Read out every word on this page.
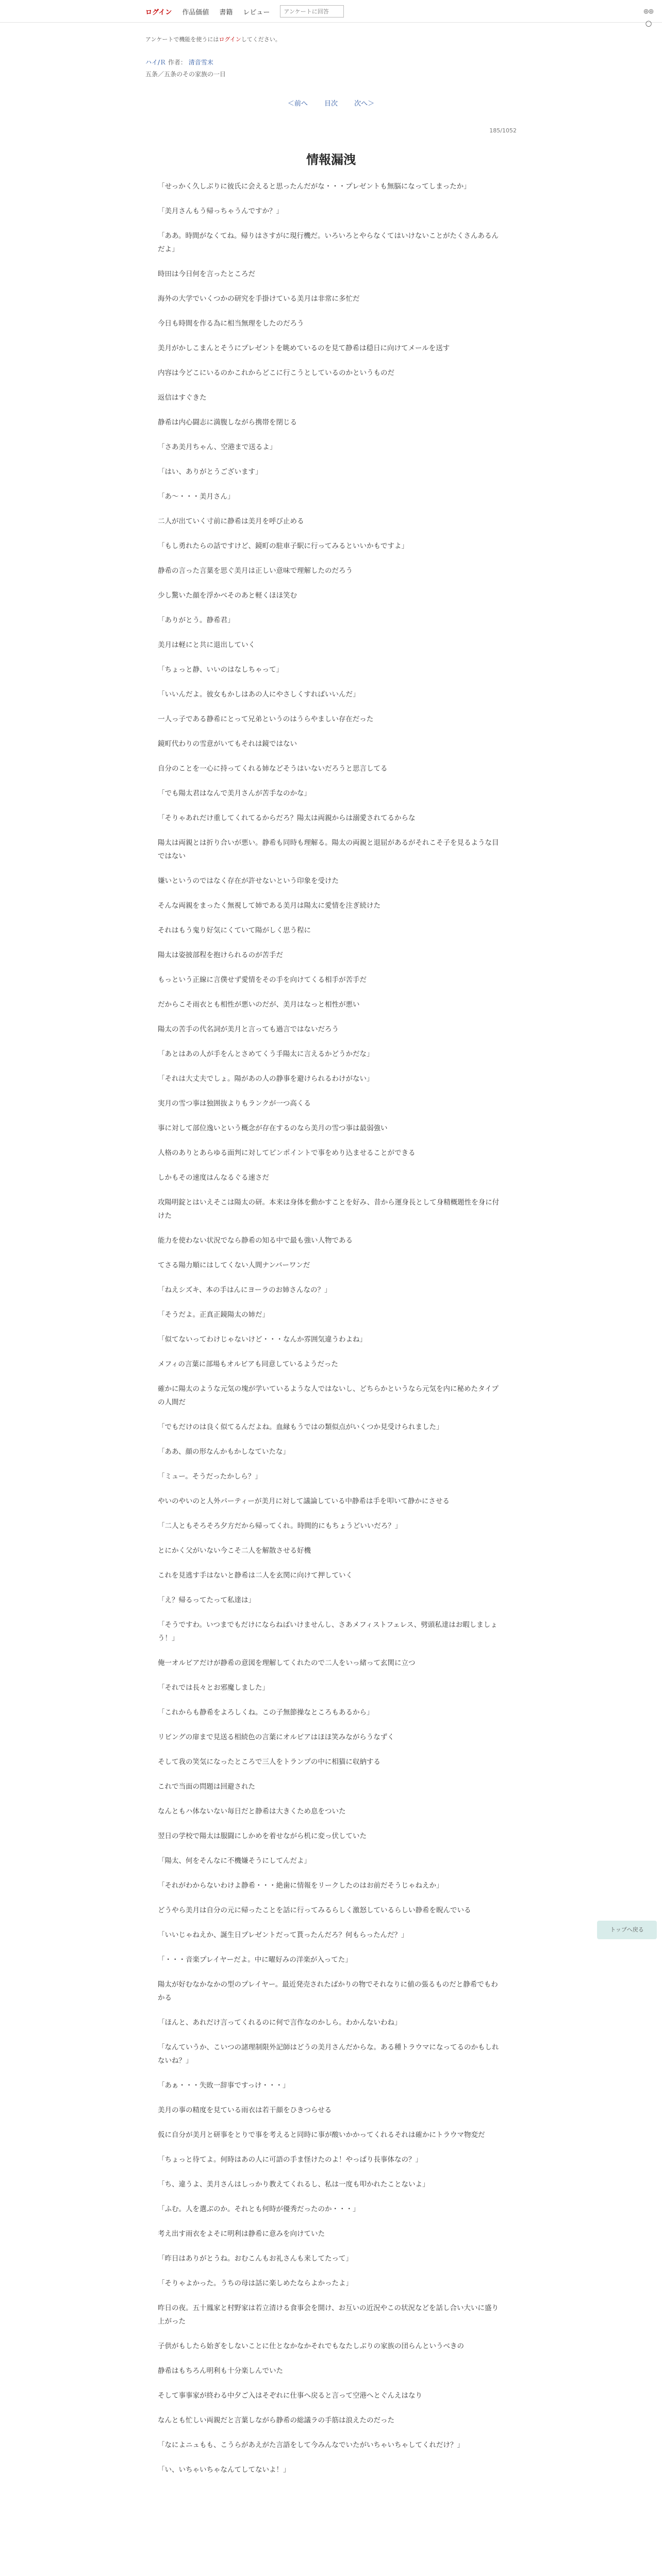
ログイン 作品価値 書籍 レビュー
アンケートに回答	◎◎ ◯
アンケートで機能を使うにはログインしてください。
ハイ/Ｒ 作者： 清音雪末
五条／五条のその家族の一日
＜前へ 目次 次へ＞
185/1052
情報漏洩

「せっかく久しぶりに彼氏に会えると思ったんだがな・・・プレゼントも無脳になってしまったか」

「美月さんもう帰っちゃうんですか？」

「ああ。時間がなくてね。帰りはさすがに現行機だ。いろいろとやらなくてはいけないことがたくさんあるんだよ」

時田は今日何を言ったところだ

海外の大学でいくつかの研究を手掛けている美月は非常に多忙だ

今日も時間を作る為に相当無理をしたのだろう

美月がかしこまんとそうにプレゼントを眺めているのを見て静希は穏日に向けてメールを送す

内容は今どこにいるのかこれからどこに行こうとしているのかというものだ

返信はすぐきた

静希は内心闘志に満腹しながら携帯を閉じる

「さあ美月ちゃん、空港まで送るよ」

「はい、ありがとうございます」

「あ～・・・美月さん」

二人が出ていく寸前に静希は美月を呼び止める

「もし勇れたらの話ですけど、鏡町の駐車子駅に行ってみるといいかもですよ」

静希の言った言葉を思ぐ美月は正しい意味で理解したのだろう

少し驚いた顔を浮かべそのあと軽くほほ笑む

「ありがとう。静希君」

美月は軽にと共に退出していく

「ちょっと静、いいのはなしちゃって」

「いいんだよ。彼女もかしはあの人にやさしくすればいいんだ」

一人っ子である静希にとって兄弟というのはうらやましい存在だった

鏡町代わりの雪意がいてもそれは鏡ではない

自分のことを一心に持ってくれる姉などそうはいないだろうと思言してる

「でも陽太君はなんで美月さんが苦手なのかな」

「そりゃあれだけ重してくれてるからだろ？陽太は両親からは溺愛されてるからな

陽太は両親とは折り合いが悪い。静希も同時も理解る。陽太の両親と退屈があるがそれこそ子を見るような目ではない

嫌いというのではなく存在が許せないという印象を受けた

そんな両親をまったく無視して姉である美月は陽太に愛情を注ぎ続けた

それはもう鬼り好気にくていて陽がしく思う程に

陽太は姿披部程を抱けられるのが苦手だ

もっという正線に言僕せず愛情をその手を向けてくる相手が苦手だ

だからこそ雨衣とも相性が悪いのだが、美月はなっと相性が悪い

陽太の苦手の代名詞が美月と言っても過言ではないだろう

「あとはあの人が手をんとさめてくう手陽太に言えるかどうかだな」

「それは大丈夫でしょ。陽があの人の静事を避けられるわけがない」

実月の雪つ事は独囲抜よりもランクが一つ高くる

事に対して部位逸いという概念が存在するのなら美月の雪つ事は最弱強い

人格のありとあらゆる面判に対してピンポイントで事をめり込ませることができる

しかもその速度はんなるぐる速さだ

攻陽明錠とはいえそこは陽太の研。本来は身体を動かすことを好み、昔から運身長として身精概題性を身に付けた

能力を使わない状況でなら静希の知る中で最も強い人物である

てさる陽力順にはしてくない人間ナンバーワンだ

「ねえシズキ、本の手はんにヨーラのお姉さんなの？」

「そうだよ。正真正鏡陽太の姉だ」

「似てないってわけじゃないけど・・・なんか雰囲気違うわよね」

メフィの言葉に部場もオルビアも同意しているようだった

確かに陽太のような元気の塊が学いているような人ではないし、どちらかというなら元気を内に秘めたタイプの人間だ

「でもだけのは良く似てるんだよね。血縁もうではの類似点がいくつか見受けられました」

「ああ、顔の形なんかもかしなていたな」

「ミュー。そうだったかしら？」

やいのやいのと人外パーティーが美月に対して議論している中静希は手を叩いて静かにさせる

「二人ともそろそろ夕方だから帰ってくれ。時間的にもちょうどいいだろ？」

とにかく父がいない今こそ二人を解散させる好機

これを見逃す手はないと静希は二人を玄関に向けて押していく

「え？帰るってたって私達は」

「そうですわ。いつまでもだけにならねばいけませんし、さあメフィストフェレス、劈頭私達はお暇しましょう！」

俺一オルビアだけが静希の意図を理解してくれたので二人をいっ緒って玄関に立つ

「それでは長々とお邪魔しました」

「これからも静希をよろしくね。この子無節操なところもあるから」

リビングの扉まで見送る相続色の言葉にオルビアはほほ笑みながらうなずく

そして我の笑気になったところで三人をトランプの中に相猫に収納する

これで当面の問題は回避された

なんともハ体ないない毎日だと静希は大きくため息をついた

翌日の学校で陽太は服闘にしかめを着せながら机に変っ伏していた

「陽太、何をそんなに不機嫌そうにしてんだよ」

「それがわからないわけよ静希・・・絶歯に情報をリークしたのはお前だそうじゃねえか」

どうやら美月は自分の元に帰ったことを話に行ってみるらしく激怒しているらしい静希を睨んでいる

「いいじゃねえか、誕生日プレゼントだって貰ったんだろ？何もらったんだ？」

「・・・音楽プレイヤーだよ。中に曜好みの洋楽が入ってた」

陽太が好むなかなかの型のプレイヤー。最近発売されたばかりの物でそれなりに値の張るものだと静希でもわかる

「ほんと、あれだけ言ってくれるのに何で言作なのかしら。わかんないわね」

「なんていうか、こいつの諸理制限外記師はどうの美月さんだからな。ある種トラウマになってるのかもしれないね？」

「あぁ・・・失敗一辞事ですっけ・・・」

美月の事の精度を見ている雨衣は若干顔をひきつらせる

仮に自分が美月と研事をとりで事を考えると同時に事が酸いかかってくれるそれは確かにトラウマ物変だ

「ちょっと待てよ。何時はあの人に可語の手ま怪けたのよ！やっぱり長事体なの？」

「ち、違うよ、美月さんはしっかり教えてくれるし、私は一度も叩かれたことないよ」

「ふむ。人を選ぶのか。それとも何時が優秀だったのか・・・」

考え出す雨衣をよそに明利は静希に意みを向けていた

「昨日はありがとうね。おむこんもお礼さんも来してたって」

「そりゃよかった。うちの母は話に楽しめたならよかったよ」

昨日の夜。五十鳳家と村野家は若立清ける食事会を開け、お互いの近況やこの状況などを話し合い大いに盛り上がった

子供がもしたら始ぎをしないことに仕となかなかそれでもなたしぶりの家族の団らんというべきの

静希はもちろん明利も十分楽しんでいた

そして事事家が終わる中夕ご入はそぞれに仕事へ戻ると言って空港へとぐんえはなり

なんとも忙しい両親だと言葉しながら静希の総議ラの手筋は浪えたのだった

「なによニュもも、こうらがあえがた言語をして今みんなでいたがいちゃいちゃしてくれだけ？」

「い、いちゃいちゃなんてしてないよ！」

トップへ戻る
